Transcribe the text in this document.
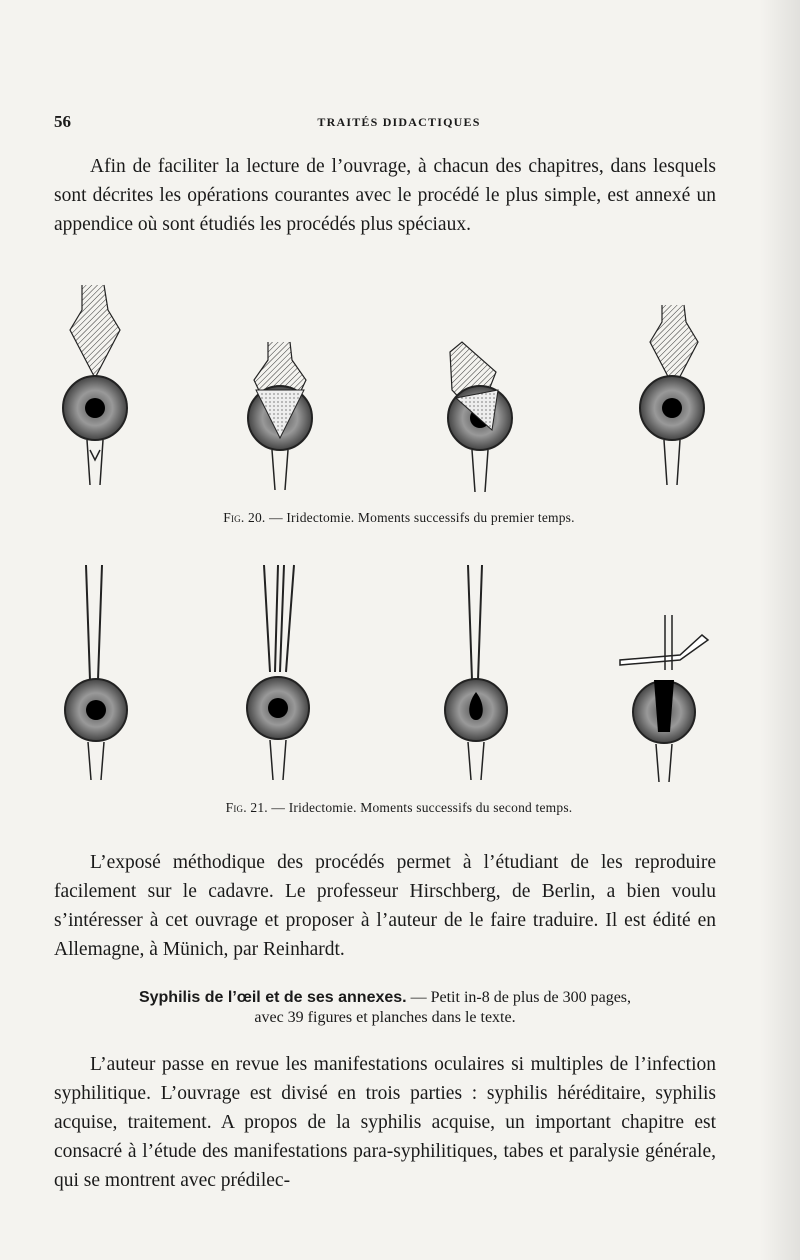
56	TRAITÉS DIDACTIQUES

Afin de faciliter la lecture de l’ouvrage, à chacun des chapitres, dans lesquels sont décrites les opérations courantes avec le procédé le plus simple, est annexé un appendice où sont étudiés les procédés plus spéciaux.

Fig. 20. — Iridectomie. Moments successifs du premier temps.
Fig. 21. — Iridectomie. Moments successifs du second temps.

L’exposé méthodique des procédés permet à l’étudiant de les reproduire facilement sur le cadavre. Le professeur Hirschberg, de Berlin, a bien voulu s’intéresser à cet ouvrage et proposer à l’auteur de le faire traduire. Il est édité en Allemagne, à Münich, par Reinhardt.

Syphilis de l’œil et de ses annexes. — Petit in-8 de plus de 300 pages,
avec 39 figures et planches dans le texte.

L’auteur passe en revue les manifestations oculaires si multiples de l’infection syphilitique. L’ouvrage est divisé en trois parties : syphilis héréditaire, syphilis acquise, traitement. A propos de la syphilis acquise, un important chapitre est consacré à l’étude des manifestations para-syphilitiques, tabes et paralysie générale, qui se montrent avec prédilec-
